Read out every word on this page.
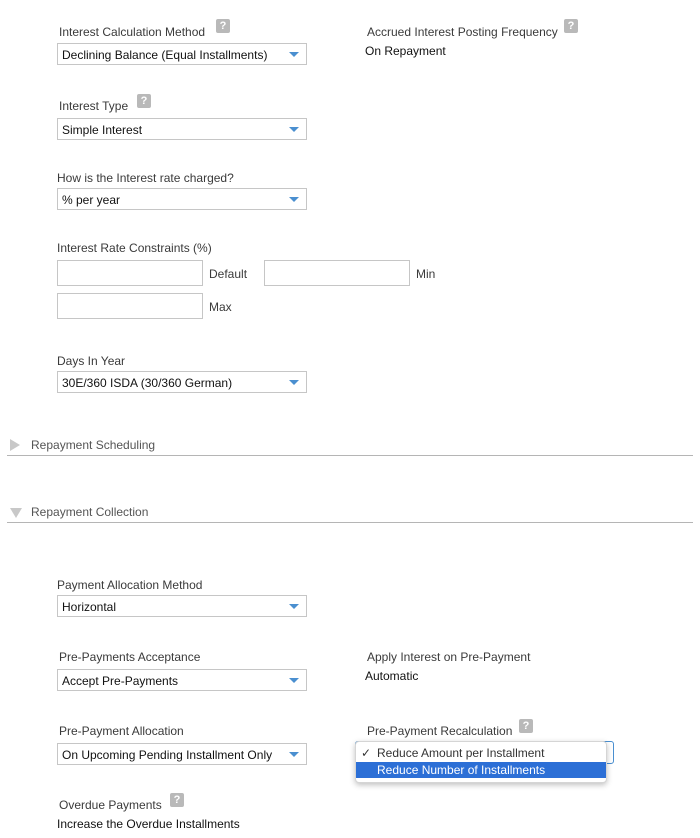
Interest Calculation Method	?
Declining Balance (Equal Installments)
Accrued Interest Posting Frequency ?
On Repayment
Interest Type	?
Simple Interest
How is the Interest rate charged?
% per year
Interest Rate Constraints (%)
Default	Min
Max
Days In Year
30E/360 ISDA (30/360 German)
Repayment Scheduling
Repayment Collection
Payment Allocation Method
Horizontal
Pre-Payments Acceptance
Accept Pre-Payments
Apply Interest on Pre-Payment
Automatic
Pre-Payment Allocation
On Upcoming Pending Installment Only
Pre-Payment Recalculation ?
✓ Reduce Amount per Installment
Reduce Number of Installments
Overdue Payments	?
Increase the Overdue Installments
